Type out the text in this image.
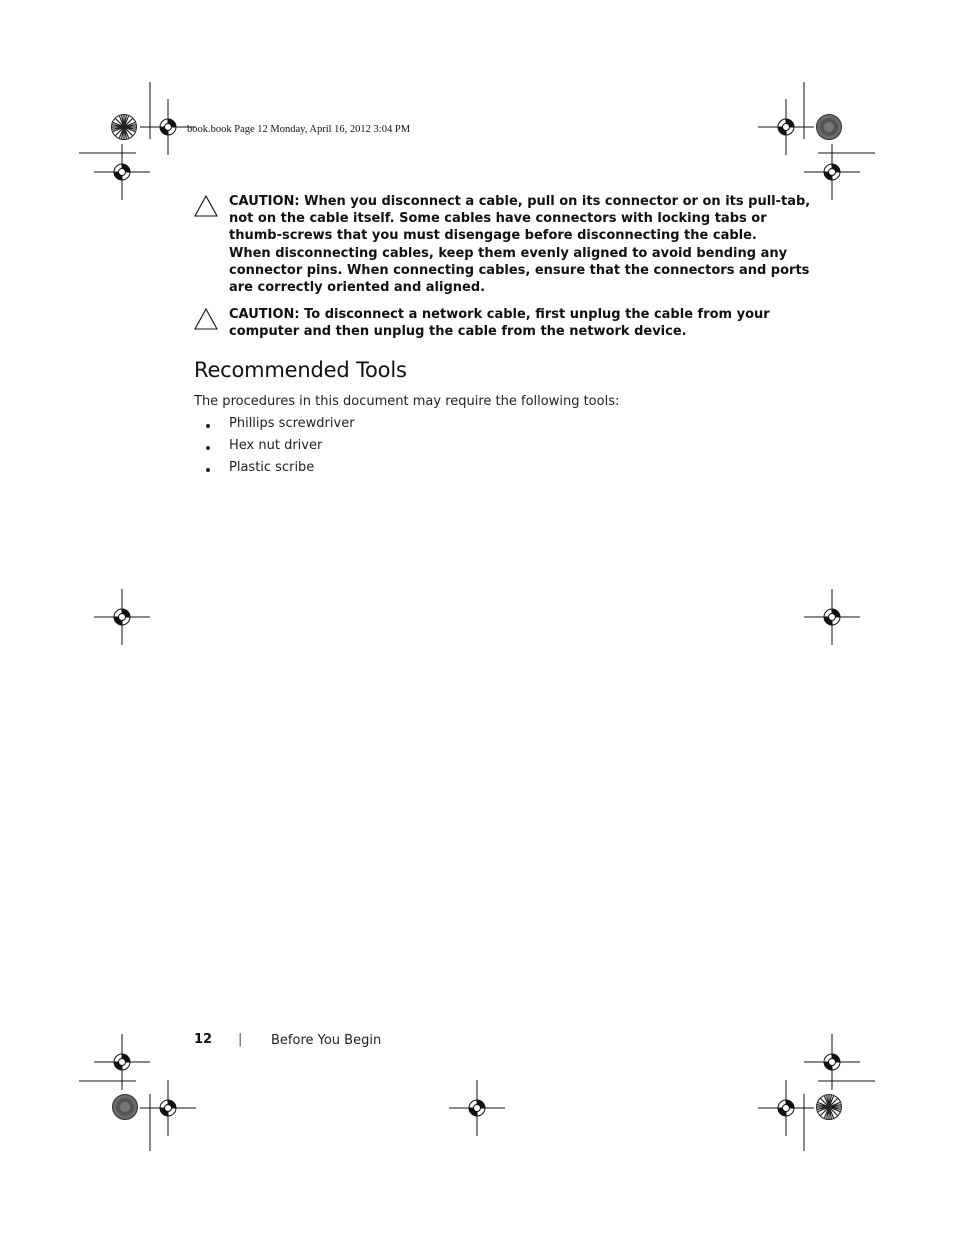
book.book Page 12 Monday, April 16, 2012 3:04 PM
CAUTION: When you disconnect a cable, pull on its connector or on its pull-tab,
not on the cable itself. Some cables have connectors with locking tabs or
thumb-screws that you must disengage before disconnecting the cable.
When disconnecting cables, keep them evenly aligned to avoid bending any
connector pins. When connecting cables, ensure that the connectors and ports
are correctly oriented and aligned.
CAUTION: To disconnect a network cable, first unplug the cable from your
computer and then unplug the cable from the network device.
Recommended Tools
The procedures in this document may require the following tools:
Phillips screwdriver
Hex nut driver
Plastic scribe
12 | Before You Begin
